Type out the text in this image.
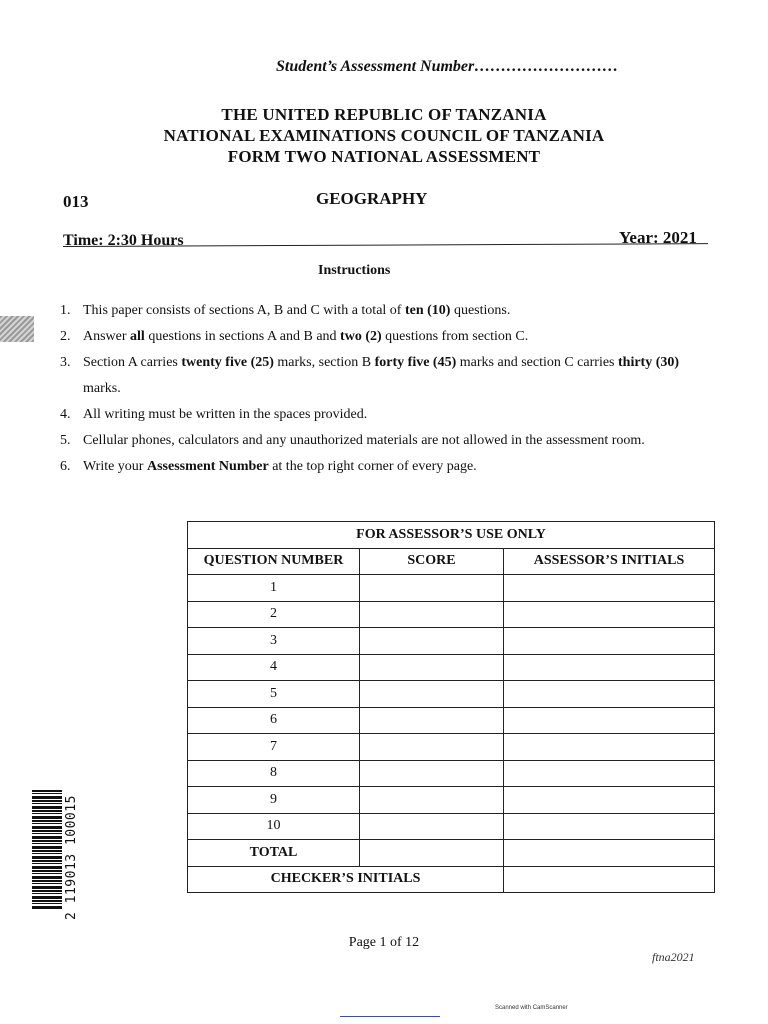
Student’s Assessment Number………………………
THE UNITED REPUBLIC OF TANZANIA
NATIONAL EXAMINATIONS COUNCIL OF TANZANIA
FORM TWO NATIONAL ASSESSMENT
013	GEOGRAPHY
Time: 2:30 Hours	Year: 2021
Instructions
1. This paper consists of sections A, B and C with a total of ten (10) questions.
2. Answer all questions in sections A and B and two (2) questions from section C.
3. Section A carries twenty five (25) marks, section B forty five (45) marks and section C carries thirty (30) marks.
4. All writing must be written in the spaces provided.
5. Cellular phones, calculators and any unauthorized materials are not allowed in the assessment room.
6. Write your Assessment Number at the top right corner of every page.
FOR ASSESSOR’S USE ONLY		
QUESTION NUMBER	SCORE	ASSESSOR’S INITIALS
1		
2		
3		
4		
5		
6		
7		
8		
9		
10		
TOTAL		
CHECKER’S INITIALS		
2 119013 100015
Page 1 of 12
ftna2021
Scanned with CamScanner
